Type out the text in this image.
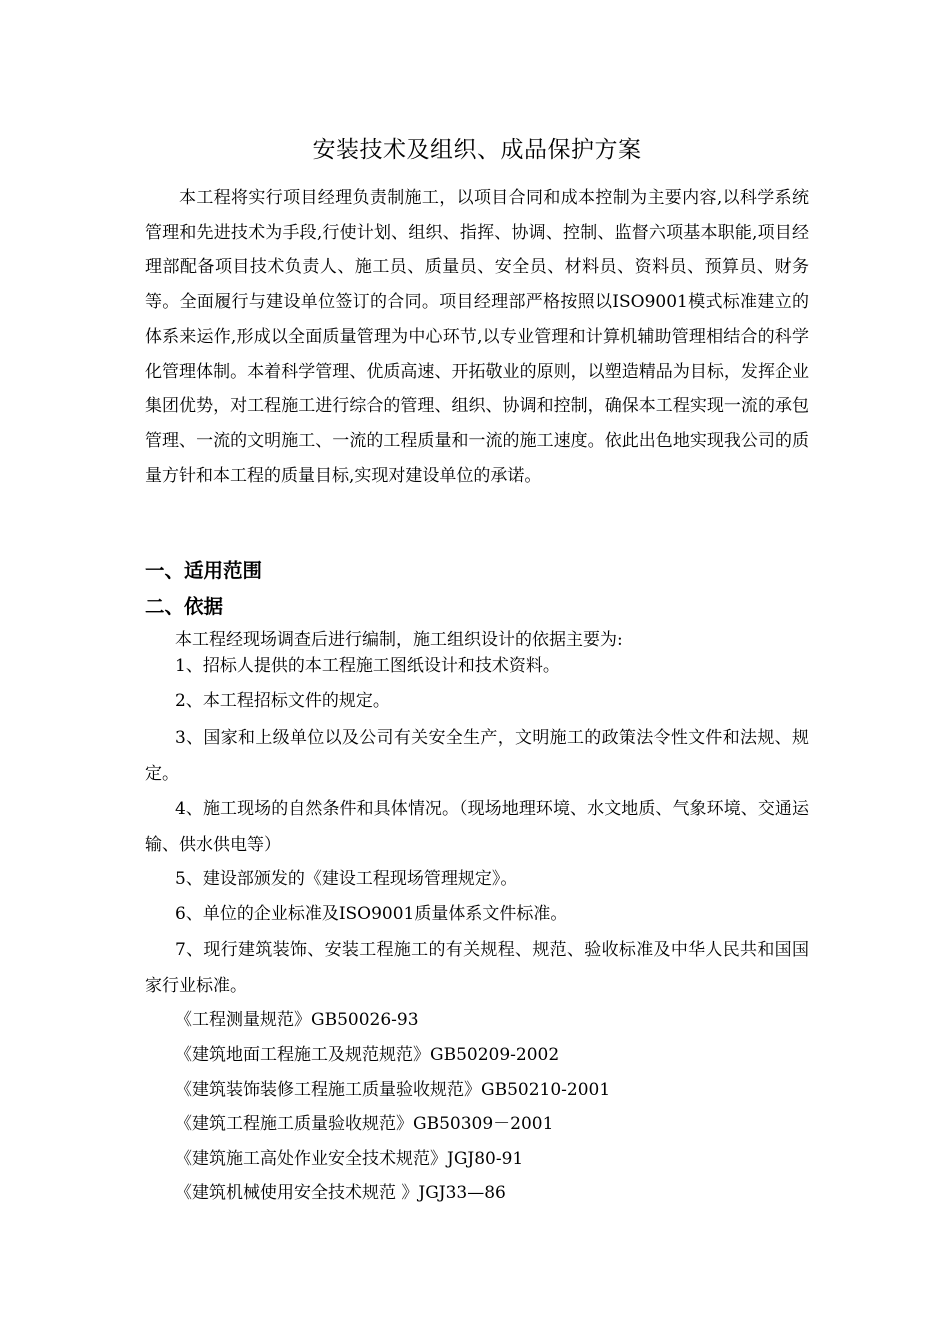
安装技术及组织、成品保护方案

本工程将实行项目经理负责制施工，以项目合同和成本控制为主要内容,以科学系统管理和先进技术为手段,行使计划、组织、指挥、协调、控制、监督六项基本职能,项目经理部配备项目技术负责人、施工员、质量员、安全员、材料员、资料员、预算员、财务等。全面履行与建设单位签订的合同。项目经理部严格按照以ISO9001模式标准建立的体系来运作,形成以全面质量管理为中心环节,以专业管理和计算机辅助管理相结合的科学化管理体制。本着科学管理、优质高速、开拓敬业的原则，以塑造精品为目标，发挥企业集团优势，对工程施工进行综合的管理、组织、协调和控制，确保本工程实现一流的承包管理、一流的文明施工、一流的工程质量和一流的施工速度。依此出色地实现我公司的质量方针和本工程的质量目标,实现对建设单位的承诺。

一、适用范围
二、依据
本工程经现场调查后进行编制，施工组织设计的依据主要为:
1、招标人提供的本工程施工图纸设计和技术资料。
2、本工程招标文件的规定。

3、国家和上级单位以及公司有关安全生产，文明施工的政策法令性文件和法规、规定。

4、施工现场的自然条件和具体情况。（现场地理环境、水文地质、气象环境、交通运输、供水供电等）

5、建设部颁发的《建设工程现场管理规定》。
6、单位的企业标准及ISO9001质量体系文件标准。

7、现行建筑装饰、安装工程施工的有关规程、规范、验收标准及中华人民共和国国家行业标准。

《工程测量规范》GB50026-93
《建筑地面工程施工及规范规范》GB50209-2002
《建筑装饰装修工程施工质量验收规范》GB50210-2001
《建筑工程施工质量验收规范》GB50309－2001
《建筑施工高处作业安全技术规范》JGJ80-91
《建筑机械使用安全技术规范 》JGJ33—86
